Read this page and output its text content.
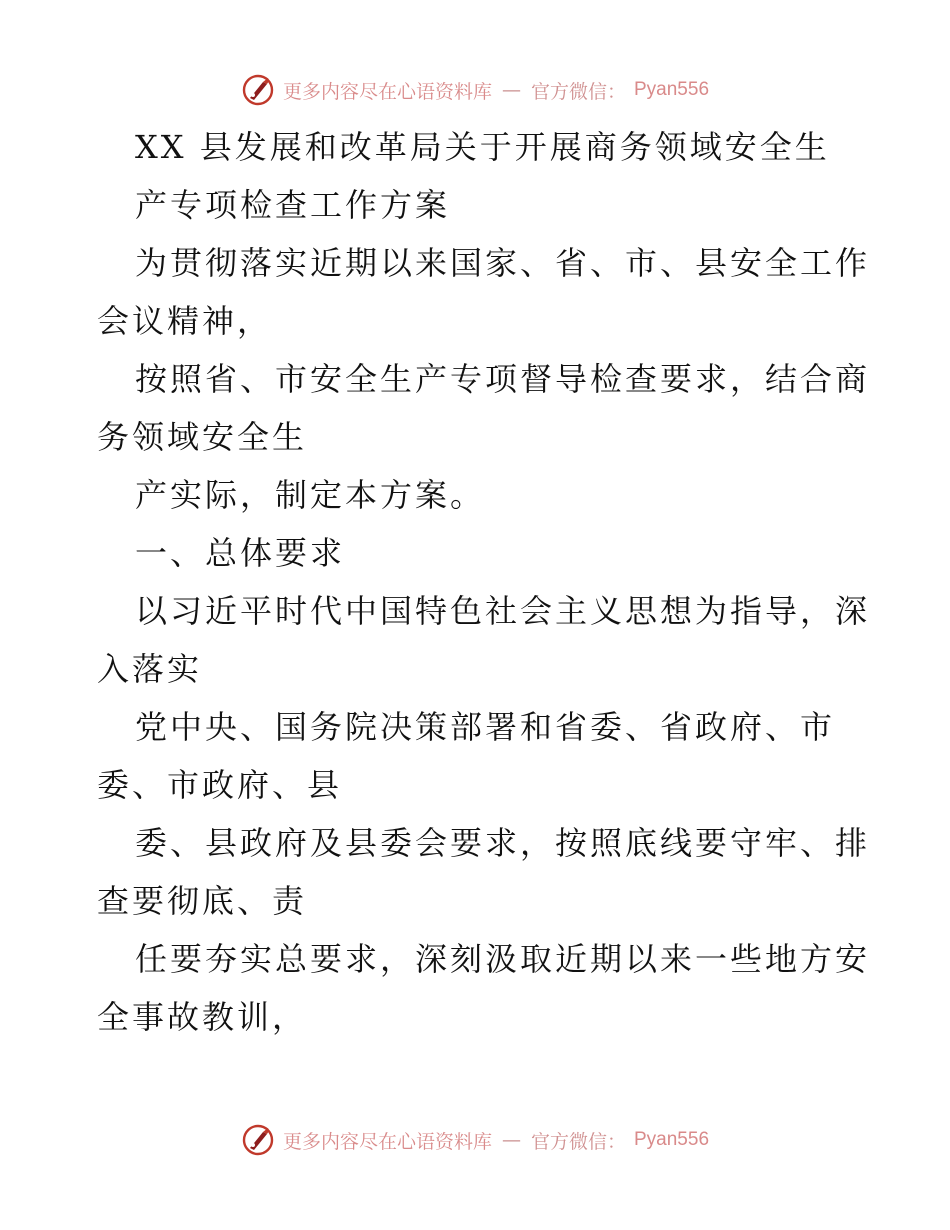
更多内容尽在心语资料库 — 官方微信： Pyan556
XX 县发展和改革局关于开展商务领域安全生
产专项检查工作方案
为贯彻落实近期以来国家、省、市、县安全工作
会议精神，
按照省、市安全生产专项督导检查要求，结合商
务领域安全生
产实际，制定本方案。
一、总体要求
以习近平时代中国特色社会主义思想为指导，深
入落实
党中央、国务院决策部署和省委、省政府、市
委、市政府、县
委、县政府及县委会要求，按照底线要守牢、排
查要彻底、责
任要夯实总要求，深刻汲取近期以来一些地方安
全事故教训，
更多内容尽在心语资料库 — 官方微信： Pyan556
